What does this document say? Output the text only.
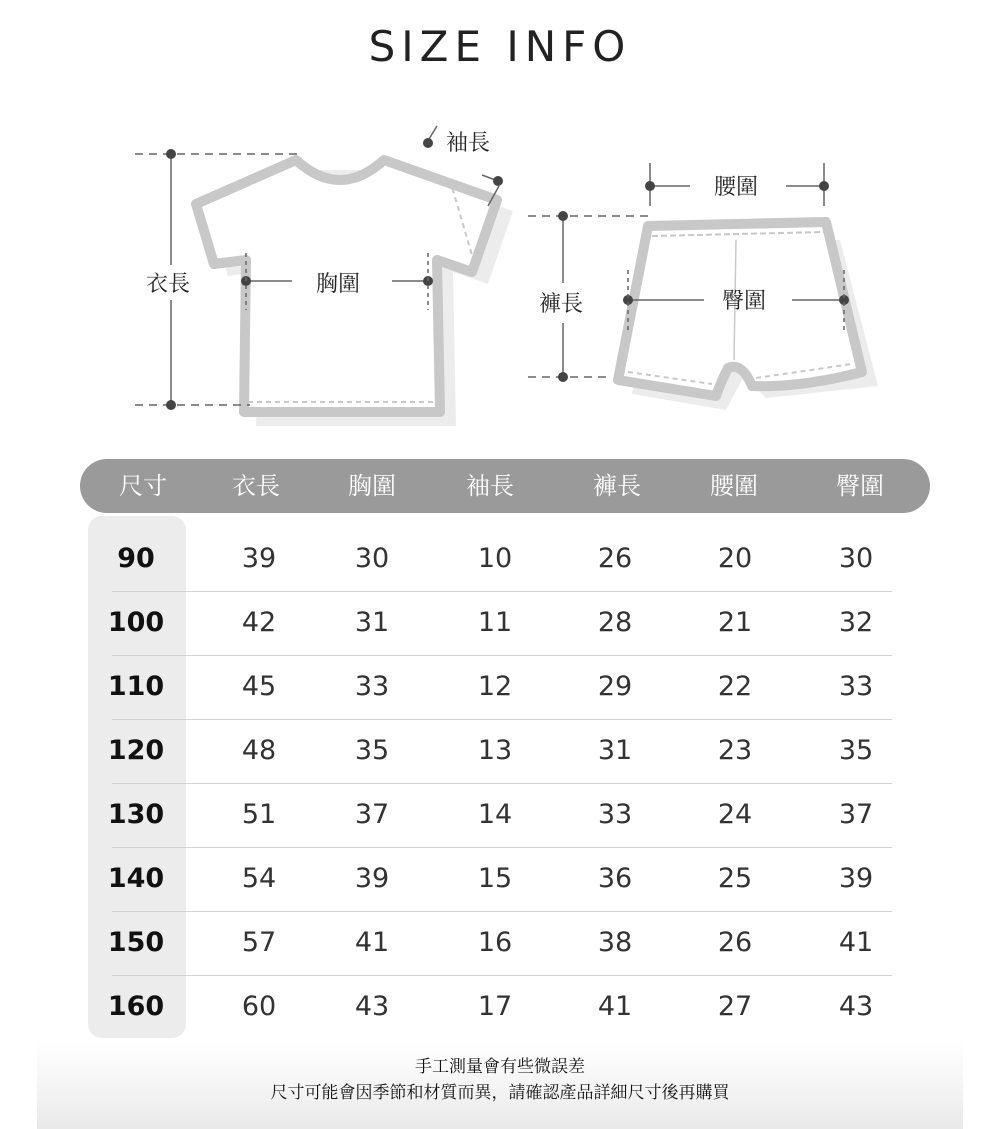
SIZE INFO
袖長
衣長	胸圍
腰圍
褲長	臀圍
尺寸	衣長	胸圍	袖長	褲長	腰圍	臀圍
90	39	30	10	26	20	30
100	42	31	11	28	21	32
110	45	33	12	29	22	33
120	48	35	13	31	23	35
130	51	37	14	33	24	37
140	54	39	15	36	25	39
150	57	41	16	38	26	41
160	60	43	17	41	27	43
手工測量會有些微誤差
尺寸可能會因季節和材質而異，請確認產品詳細尺寸後再購買
